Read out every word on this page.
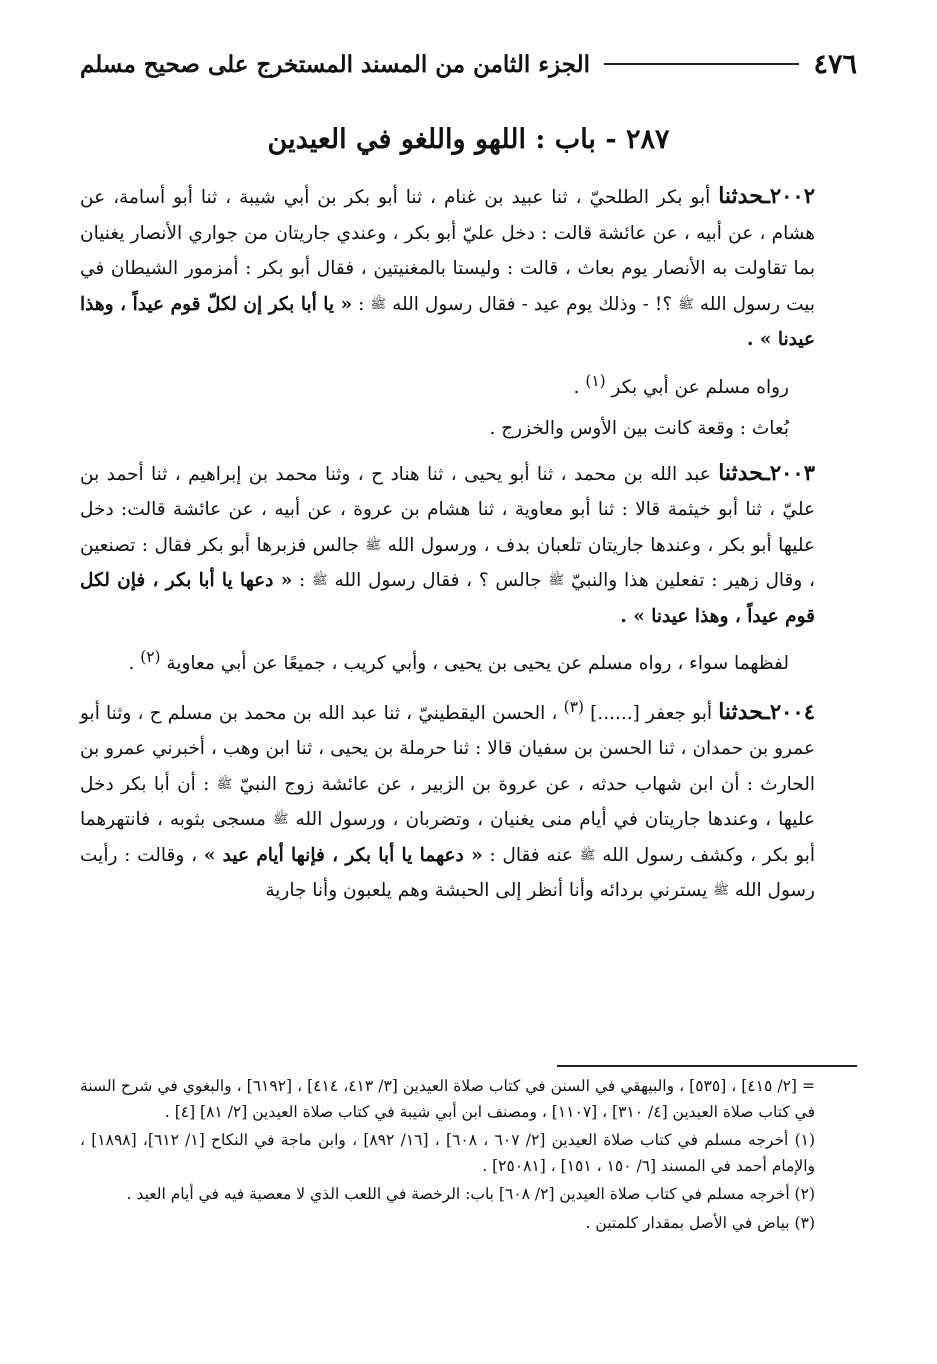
٤٧٦
الجزء الثامن من المسند المستخرج على صحيح مسلم
٢٨٧ - باب : اللهو واللغو في العيدين

٢٠٠٢ـحدثنا أبو بكر الطلحيّ ، ثنا عبيد بن غنام ، ثنا أبو بكر بن أبي شيبة ، ثنا أبو أسامة، عن هشام ، عن أبيه ، عن عائشة قالت : دخل عليّ أبو بكر ، وعندي جاريتان من جواري الأنصار يغنيان بما تقاولت به الأنصار يوم بعاث ، قالت : وليستا بالمغنيتين ، فقال أبو بكر : أمزمور الشيطان في بيت رسول الله ﷺ ؟! - وذلك يوم عيد - فقال رسول الله ﷺ : « يا أبا بكر إن لكلّ قوم عيداً ، وهذا عيدنا » .

رواه مسلم عن أبي بكر $^{(١)}$ .

بُعاث : وقعة كانت بين الأوس والخزرج .

٢٠٠٣ـحدثنا عبد الله بن محمد ، ثنا أبو يحيى ، ثنا هناد ح ، وثنا محمد بن إبراهيم ، ثنا أحمد بن عليّ ، ثنا أبو خيثمة قالا : ثنا أبو معاوية ، ثنا هشام بن عروة ، عن أبيه ، عن عائشة قالت: دخل عليها أبو بكر ، وعندها جاريتان تلعبان بدف ، ورسول الله ﷺ جالس فزبرها أبو بكر فقال : تصنعين ، وقال زهير : تفعلين هذا والنبيّ ﷺ جالس ؟ ، فقال رسول الله ﷺ : « دعها يا أبا بكر ، فإن لكل قوم عيداً ، وهذا عيدنا » .

لفظهما سواء ، رواه مسلم عن يحيى بن يحيى ، وأبي كريب ، جميعًا عن أبي معاوية $^{(٢)}$ .

٢٠٠٤ـحدثنا أبو جعفر [......] $^{(٣)}$ ، الحسن اليقطينيّ ، ثنا عبد الله بن محمد بن مسلم ح ، وثنا أبو عمرو بن حمدان ، ثنا الحسن بن سفيان قالا : ثنا حرملة بن يحيى ، ثنا ابن وهب ، أخبرني عمرو بن الحارث : أن ابن شهاب حدثه ، عن عروة بن الزبير ، عن عائشة زوج النبيّ ﷺ : أن أبا بكر دخل عليها ، وعندها جاريتان في أيام منى يغنيان ، وتضربان ، ورسول الله ﷺ مسجى بثوبه ، فانتهرهما أبو بكر ، وكشف رسول الله ﷺ عنه فقال : « دعهما يا أبا بكر ، فإنها أيام عيد » ، وقالت : رأيت رسول الله ﷺ يسترني بردائه وأنا أنظر إلى الحبشة وهم يلعبون وأنا جارية

= [٢/ ٤١٥] ، [٥٣٥] ، والبيهقي في السنن في كتاب صلاة العيدين [٣/ ٤١٣، ٤١٤] ، [٦١٩٢] ، والبغوي في شرح السنة في كتاب صلاة العيدين [٤/ ٣١٠] ، [١١٠٧] ، ومصنف ابن أبي شيبة في كتاب صلاة العيدين [٢/ ٨١] [٤] .

(١) أخرجه مسلم في كتاب صلاة العيدين [٢/ ٦٠٧ ، ٦٠٨] ، [١٦/ ٨٩٢] ، وابن ماجة في النكاح [١/ ٦١٢]، [١٨٩٨] ، والإمام أحمد في المسند [٦/ ١٥٠ ، ١٥١] ، [٢٥٠٨١] .

(٢) أخرجه مسلم في كتاب صلاة العيدين [٢/ ٦٠٨] باب: الرخصة في اللعب الذي لا معصية فيه في أيام العيد .

(٣) بياض في الأصل بمقدار كلمتين .
